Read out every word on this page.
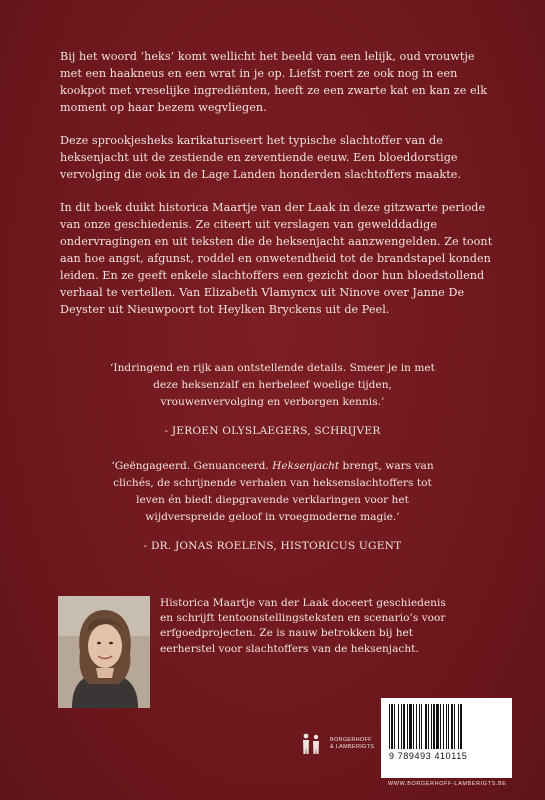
Bij het woord ‘heks’ komt wellicht het beeld van een lelijk, oud vrouwtje met een haakneus en een wrat in je op. Liefst roert ze ook nog in een kookpot met vreselijke ingrediënten, heeft ze een zwarte kat en kan ze elk moment op haar bezem wegvliegen.

Deze sprookjesheks karikaturiseert het typische slachtoffer van de heksenjacht uit de zestiende en zeventiende eeuw. Een bloeddorstige vervolging die ook in de Lage Landen honderden slachtoffers maakte.

In dit boek duikt historica Maartje van der Laak in deze gitzwarte periode van onze geschiedenis. Ze citeert uit verslagen van gewelddadige ondervragingen en uit teksten die de heksenjacht aanzwengelden. Ze toont aan hoe angst, afgunst, roddel en onwetendheid tot de brandstapel konden leiden. En ze geeft enkele slachtoffers een gezicht door hun bloedstollend verhaal te vertellen. Van Elizabeth Vlamyncx uit Ninove over Janne De Deyster uit Nieuwpoort tot Heylken Bryckens uit de Peel.

‘Indringend en rijk aan ontstellende details. Smeer je in met deze heksenzalf en herbeleef woelige tijden, vrouwenvervolging en verborgen kennis.’

- JEROEN OLYSLAEGERS, SCHRIJVER

‘Geëngageerd. Genuanceerd. Heksenjacht brengt, wars van clichés, de schrijnende verhalen van heksenslachtoffers tot leven én biedt diepgravende verklaringen voor het wijdverspreide geloof in vroegmoderne magie.’

- DR. JONAS ROELENS, HISTORICUS UGENT

Historica Maartje van der Laak doceert geschiedenis en schrijft tentoonstellingsteksten en scenario’s voor erfgoedprojecten. Ze is nauw betrokken bij het eerherstel voor slachtoffers van de heksenjacht.
BORGERHOFF
& LAMBERIGTS
9 789493 410115
WWW.BORGERHOFF-LAMBERIGTS.BE
